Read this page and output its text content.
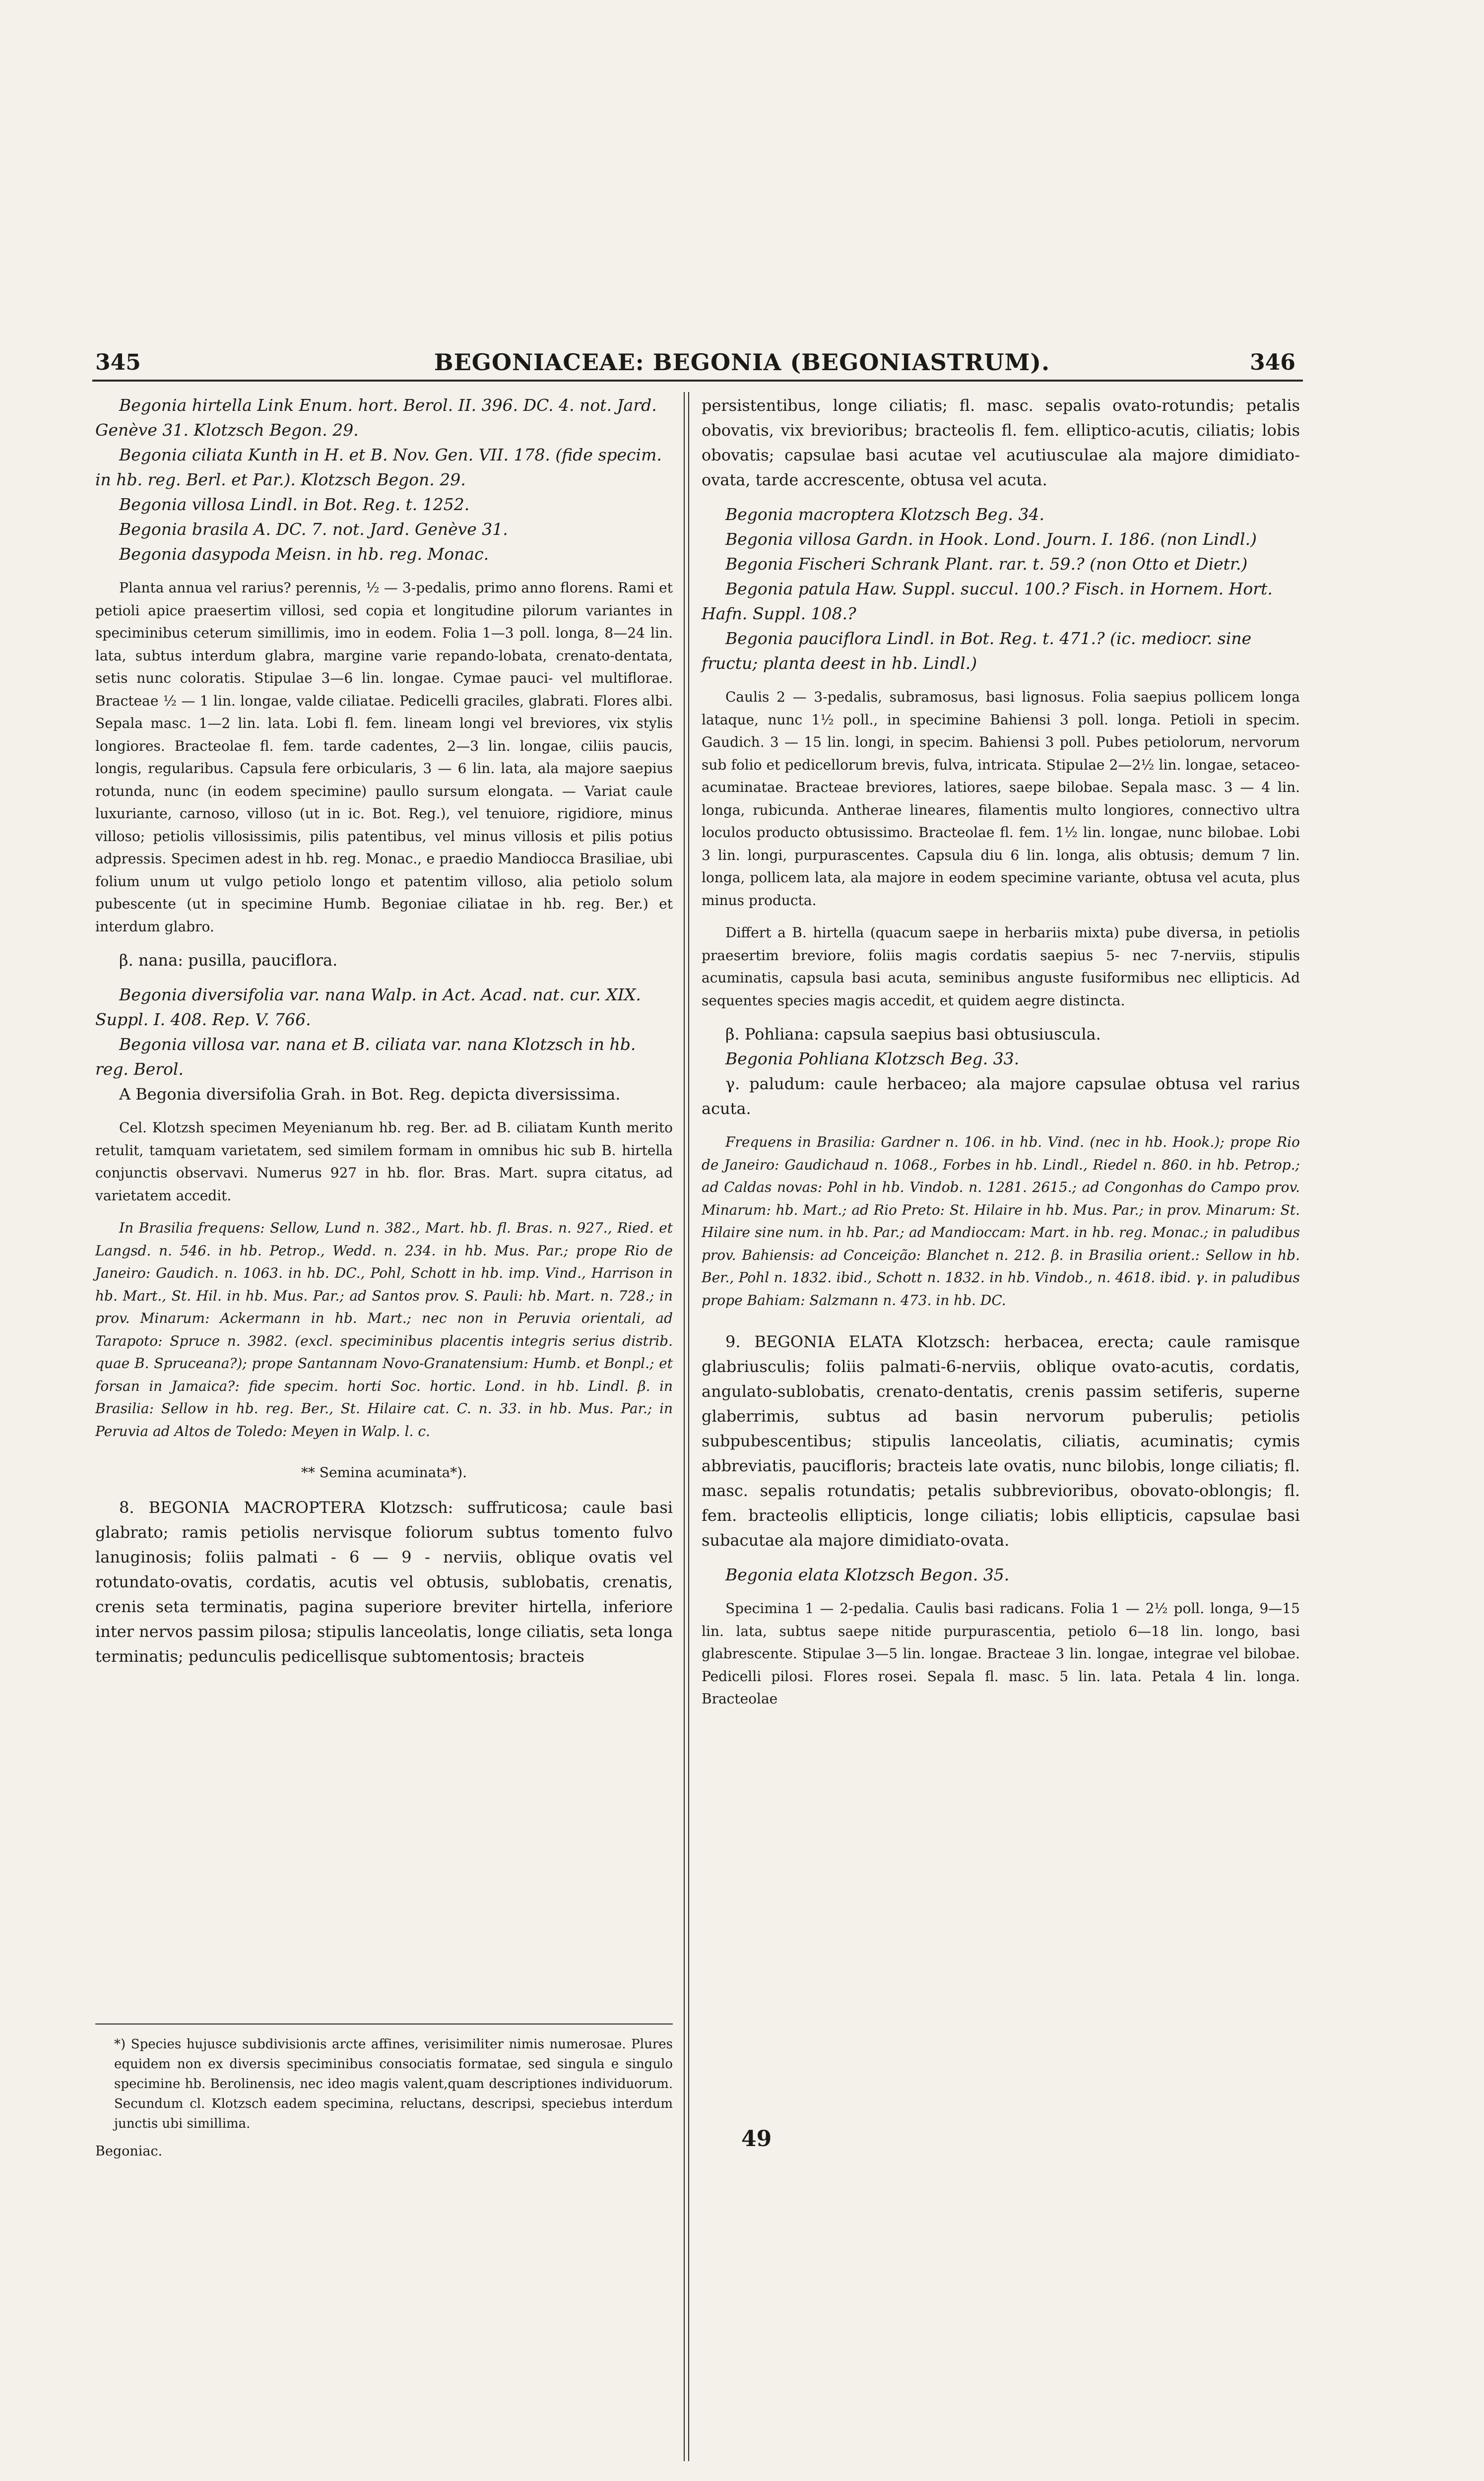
345	BEGONIACEAE: BEGONIA (BEGONIASTRUM).	346

Begonia hirtella Link Enum. hort. Berol. II. 396. DC. 4. not. Jard. Genève 31. Klotzsch Begon. 29.

Begonia ciliata Kunth in H. et B. Nov. Gen. VII. 178. (fide specim. in hb. reg. Berl. et Par.). Klotzsch Begon. 29.

Begonia villosa Lindl. in Bot. Reg. t. 1252.

Begonia brasila A. DC. 7. not. Jard. Genève 31.

Begonia dasypoda Meisn. in hb. reg. Monac.

Planta annua vel rarius? perennis, ½ — 3-pedalis, primo anno florens. Rami et petioli apice praesertim villosi, sed copia et longitudine pilorum variantes in speciminibus ceterum simillimis, imo in eodem. Folia 1—3 poll. longa, 8—24 lin. lata, subtus interdum glabra, margine varie repando-lobata, crenato-dentata, setis nunc coloratis. Stipulae 3—6 lin. longae. Cymae pauci- vel multiflorae. Bracteae ½ — 1 lin. longae, valde ciliatae. Pedicelli graciles, glabrati. Flores albi. Sepala masc. 1—2 lin. lata. Lobi fl. fem. lineam longi vel breviores, vix stylis longiores. Bracteolae fl. fem. tarde cadentes, 2—3 lin. longae, ciliis paucis, longis, regularibus. Capsula fere orbicularis, 3 — 6 lin. lata, ala majore saepius rotunda, nunc (in eodem specimine) paullo sursum elongata. — Variat caule luxuriante, carnoso, villoso (ut in ic. Bot. Reg.), vel tenuiore, rigidiore, minus villoso; petiolis villosissimis, pilis patentibus, vel minus villosis et pilis potius adpressis. Specimen adest in hb. reg. Monac., e praedio Mandiocca Brasiliae, ubi folium unum ut vulgo petiolo longo et patentim villoso, alia petiolo solum pubescente (ut in specimine Humb. Begoniae ciliatae in hb. reg. Ber.) et interdum glabro.

β. nana: pusilla, pauciflora.

Begonia diversifolia var. nana Walp. in Act. Acad. nat. cur. XIX. Suppl. I. 408. Rep. V. 766.

Begonia villosa var. nana et B. ciliata var. nana Klotzsch in hb. reg. Berol.

A Begonia diversifolia Grah. in Bot. Reg. depicta diversissima.

Cel. Klotzsh specimen Meyenianum hb. reg. Ber. ad B. ciliatam Kunth merito retulit, tamquam varietatem, sed similem formam in omnibus hic sub B. hirtella conjunctis observavi. Numerus 927 in hb. flor. Bras. Mart. supra citatus, ad varietatem accedit.

In Brasilia frequens: Sellow, Lund n. 382., Mart. hb. fl. Bras. n. 927., Ried. et Langsd. n. 546. in hb. Petrop., Wedd. n. 234. in hb. Mus. Par.; prope Rio de Janeiro: Gaudich. n. 1063. in hb. DC., Pohl, Schott in hb. imp. Vind., Harrison in hb. Mart., St. Hil. in hb. Mus. Par.; ad Santos prov. S. Pauli: hb. Mart. n. 728.; in prov. Minarum: Ackermann in hb. Mart.; nec non in Peruvia orientali, ad Tarapoto: Spruce n. 3982. (excl. speciminibus placentis integris serius distrib. quae B. Spruceana?); prope Santannam Novo-Granatensium: Humb. et Bonpl.; et forsan in Jamaica?: fide specim. horti Soc. hortic. Lond. in hb. Lindl. β. in Brasilia: Sellow in hb. reg. Ber., St. Hilaire cat. C. n. 33. in hb. Mus. Par.; in Peruvia ad Altos de Toledo: Meyen in Walp. l. c.

** Semina acuminata*).

8. BEGONIA MACROPTERA Klotzsch: suffruticosa; caule basi glabrato; ramis petiolis nervisque foliorum subtus tomento fulvo lanuginosis; foliis palmati - 6 — 9 - nerviis, oblique ovatis vel rotundato-ovatis, cordatis, acutis vel obtusis, sublobatis, crenatis, crenis seta terminatis, pagina superiore breviter hirtella, inferiore inter nervos passim pilosa; stipulis lanceolatis, longe ciliatis, seta longa terminatis; pedunculis pedicellisque subtomentosis; bracteis

*) Species hujusce subdivisionis arcte affines, verisimiliter nimis numerosae. Plures equidem non ex diversis speciminibus consociatis formatae, sed singula e singulo specimine hb. Berolinensis, nec ideo magis valent,quam descriptiones individuorum. Secundum cl. Klotzsch eadem specimina, reluctans, descripsi, speciebus interdum junctis ubi simillima.
Begoniac.

persistentibus, longe ciliatis; fl. masc. sepalis ovato-rotundis; petalis obovatis, vix brevioribus; bracteolis fl. fem. elliptico-acutis, ciliatis; lobis obovatis; capsulae basi acutae vel acutiusculae ala majore dimidiato-ovata, tarde accrescente, obtusa vel acuta.

Begonia macroptera Klotzsch Beg. 34.

Begonia villosa Gardn. in Hook. Lond. Journ. I. 186. (non Lindl.)

Begonia Fischeri Schrank Plant. rar. t. 59.? (non Otto et Dietr.)

Begonia patula Haw. Suppl. succul. 100.? Fisch. in Hornem. Hort. Hafn. Suppl. 108.?

Begonia pauciflora Lindl. in Bot. Reg. t. 471.? (ic. mediocr. sine fructu; planta deest in hb. Lindl.)

Caulis 2 — 3-pedalis, subramosus, basi lignosus. Folia saepius pollicem longa lataque, nunc 1½ poll., in specimine Bahiensi 3 poll. longa. Petioli in specim. Gaudich. 3 — 15 lin. longi, in specim. Bahiensi 3 poll. Pubes petiolorum, nervorum sub folio et pedicellorum brevis, fulva, intricata. Stipulae 2—2½ lin. longae, setaceo-acuminatae. Bracteae breviores, latiores, saepe bilobae. Sepala masc. 3 — 4 lin. longa, rubicunda. Antherae lineares, filamentis multo longiores, connectivo ultra loculos producto obtusissimo. Bracteolae fl. fem. 1½ lin. longae, nunc bilobae. Lobi 3 lin. longi, purpurascentes. Capsula diu 6 lin. longa, alis obtusis; demum 7 lin. longa, pollicem lata, ala majore in eodem specimine variante, obtusa vel acuta, plus minus producta.

Differt a B. hirtella (quacum saepe in herbariis mixta) pube diversa, in petiolis praesertim breviore, foliis magis cordatis saepius 5- nec 7-nerviis, stipulis acuminatis, capsula basi acuta, seminibus anguste fusiformibus nec ellipticis. Ad sequentes species magis accedit, et quidem aegre distincta.

β. Pohliana: capsula saepius basi obtusiuscula.

Begonia Pohliana Klotzsch Beg. 33.

γ. paludum: caule herbaceo; ala majore capsulae obtusa vel rarius acuta.

Frequens in Brasilia: Gardner n. 106. in hb. Vind. (nec in hb. Hook.); prope Rio de Janeiro: Gaudichaud n. 1068., Forbes in hb. Lindl., Riedel n. 860. in hb. Petrop.; ad Caldas novas: Pohl in hb. Vindob. n. 1281. 2615.; ad Congonhas do Campo prov. Minarum: hb. Mart.; ad Rio Preto: St. Hilaire in hb. Mus. Par.; in prov. Minarum: St. Hilaire sine num. in hb. Par.; ad Mandioccam: Mart. in hb. reg. Monac.; in paludibus prov. Bahiensis: ad Conceição: Blanchet n. 212. β. in Brasilia orient.: Sellow in hb. Ber., Pohl n. 1832. ibid., Schott n. 1832. in hb. Vindob., n. 4618. ibid. γ. in paludibus prope Bahiam: Salzmann n. 473. in hb. DC.

9. BEGONIA ELATA Klotzsch: herbacea, erecta; caule ramisque glabriusculis; foliis palmati-6-nerviis, oblique ovato-acutis, cordatis, angulato-sublobatis, crenato-dentatis, crenis passim setiferis, superne glaberrimis, subtus ad basin nervorum puberulis; petiolis subpubescentibus; stipulis lanceolatis, ciliatis, acuminatis; cymis abbreviatis, paucifloris; bracteis late ovatis, nunc bilobis, longe ciliatis; fl. masc. sepalis rotundatis; petalis subbrevioribus, obovato-oblongis; fl. fem. bracteolis ellipticis, longe ciliatis; lobis ellipticis, capsulae basi subacutae ala majore dimidiato-ovata.

Begonia elata Klotzsch Begon. 35.

Specimina 1 — 2-pedalia. Caulis basi radicans. Folia 1 — 2½ poll. longa, 9—15 lin. lata, subtus saepe nitide purpurascentia, petiolo 6—18 lin. longo, basi glabrescente. Stipulae 3—5 lin. longae. Bracteae 3 lin. longae, integrae vel bilobae. Pedicelli pilosi. Flores rosei. Sepala fl. masc. 5 lin. lata. Petala 4 lin. longa. Bracteolae

49
